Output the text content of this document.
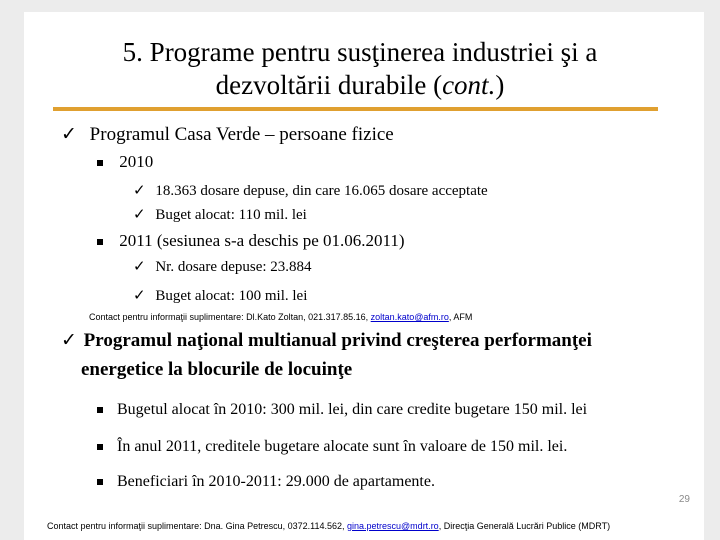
5. Programe pentru susţinerea industriei şi a
dezvoltării durabile (cont.)
✓ Programul Casa Verde – persoane fizice
2010
✓ 18.363 dosare depuse, din care 16.065 dosare acceptate
✓ Buget alocat: 110 mil. lei
2011 (sesiunea s-a deschis pe 01.06.2011)
✓ Nr. dosare depuse: 23.884
✓ Buget alocat: 100 mil. lei
Contact pentru informaţii suplimentare: Dl.Kato Zoltan, 021.317.85.16, zoltan.kato@afm.ro, AFM
✓ Programul naţional multianual privind creşterea performanţei
energetice la blocurile de locuinţe
Bugetul alocat în 2010: 300 mil. lei, din care credite bugetare 150 mil. lei
În anul 2011, creditele bugetare alocate sunt în valoare de 150 mil. lei.
Beneficiari în 2010-2011: 29.000 de apartamente.
29
Contact pentru informaţii suplimentare: Dna. Gina Petrescu, 0372.114.562, gina.petrescu@mdrt.ro, Direcţia Generală Lucrări Publice (MDRT)
